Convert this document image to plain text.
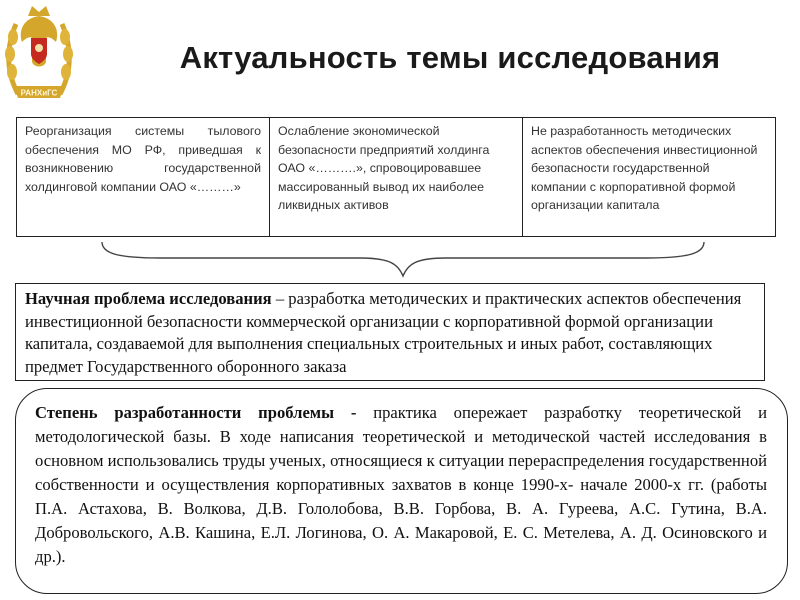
РАНХиГС
Актуальность темы исследования
Реорганизация системы тылового обеспечения МО РФ, приведшая к возникновению государственной холдинговой компании ОАО «………»
Ослабление экономической безопасности предприятий холдинга ОАО «……….», спровоцировавшее массированный вывод их наиболее ликвидных активов
Не разработанность методических аспектов обеспечения инвестиционной безопасности государственной компании с корпоративной формой организации капитала
Научная проблема исследования – разработка методических и практических аспектов обеспечения инвестиционной безопасности коммерческой организации с корпоративной формой организации капитала, создаваемой для выполнения специальных строительных и иных работ, составляющих предмет Государственного оборонного заказа
Степень разработанности проблемы - практика опережает разработку теоретической и методологической базы. В ходе написания теоретической и методической частей исследования в основном использовались труды ученых, относящиеся к ситуации перераспределения государственной собственности и осуществления корпоративных захватов в конце 1990-х- начале 2000-х гг. (работы П.А. Астахова, В. Волкова, Д.В. Гололобова, В.В. Горбова, В. А. Гуреева, А.С. Гутина, В.А. Добровольского, А.В. Кашина, Е.Л. Логинова, О. А. Макаровой, Е. С. Метелева, А. Д. Осиновского и др.).
